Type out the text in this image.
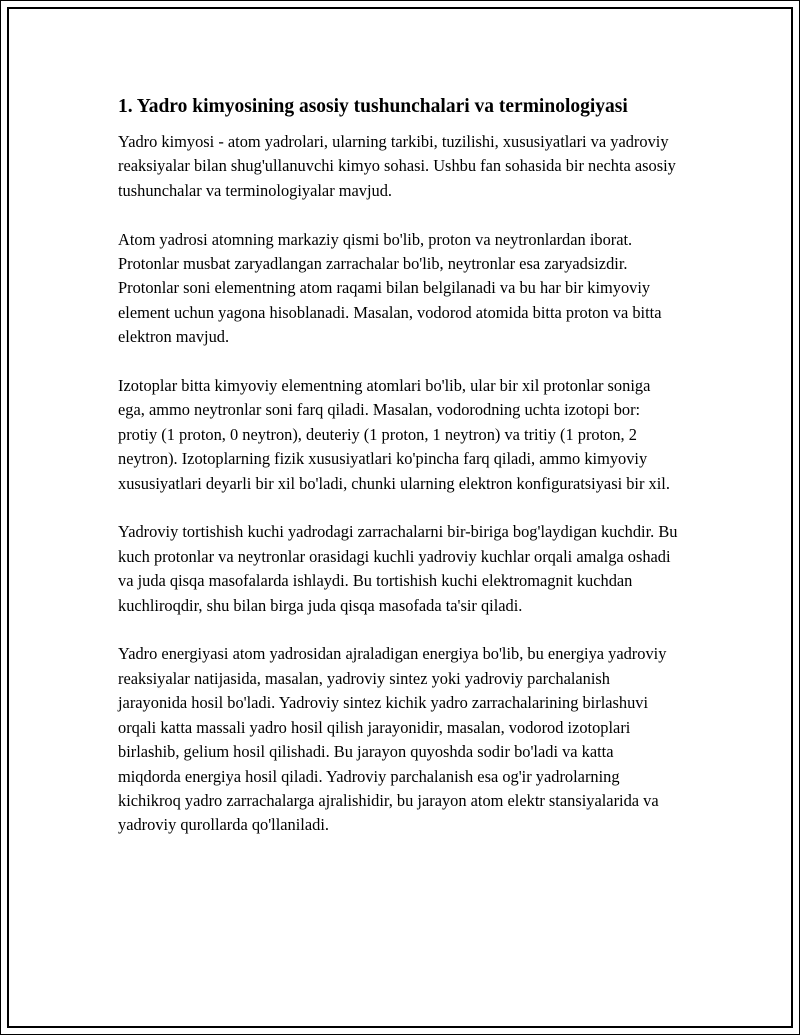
1. Yadro kimyosining asosiy tushunchalari va terminologiyasi

Yadro kimyosi - atom yadrolari, ularning tarkibi, tuzilishi, xususiyatlari va yadroviy reaksiyalar bilan shug'ullanuvchi kimyo sohasi. Ushbu fan sohasida bir nechta asosiy tushunchalar va terminologiyalar mavjud.

Atom yadrosi atomning markaziy qismi bo'lib, proton va neytronlardan iborat. Protonlar musbat zaryadlangan zarrachalar bo'lib, neytronlar esa zaryadsizdir. Protonlar soni elementning atom raqami bilan belgilanadi va bu har bir kimyoviy element uchun yagona hisoblanadi. Masalan, vodorod atomida bitta proton va bitta elektron mavjud.

Izotoplar bitta kimyoviy elementning atomlari bo'lib, ular bir xil protonlar soniga ega, ammo neytronlar soni farq qiladi. Masalan, vodorodning uchta izotopi bor: protiy (1 proton, 0 neytron), deuteriy (1 proton, 1 neytron) va tritiy (1 proton, 2 neytron). Izotoplarning fizik xususiyatlari ko'pincha farq qiladi, ammo kimyoviy xususiyatlari deyarli bir xil bo'ladi, chunki ularning elektron konfiguratsiyasi bir xil.

Yadroviy tortishish kuchi yadrodagi zarrachalarni bir-biriga bog'laydigan kuchdir. Bu kuch protonlar va neytronlar orasidagi kuchli yadroviy kuchlar orqali amalga oshadi va juda qisqa masofalarda ishlaydi. Bu tortishish kuchi elektromagnit kuchdan kuchliroqdir, shu bilan birga juda qisqa masofada ta'sir qiladi.

Yadro energiyasi atom yadrosidan ajraladigan energiya bo'lib, bu energiya yadroviy reaksiyalar natijasida, masalan, yadroviy sintez yoki yadroviy parchalanish jarayonida hosil bo'ladi. Yadroviy sintez kichik yadro zarrachalarining birlashuvi orqali katta massali yadro hosil qilish jarayonidir, masalan, vodorod izotoplari birlashib, gelium hosil qilishadi. Bu jarayon quyoshda sodir bo'ladi va katta miqdorda energiya hosil qiladi. Yadroviy parchalanish esa og'ir yadrolarning kichikroq yadro zarrachalarga ajralishidir, bu jarayon atom elektr stansiyalarida va yadroviy qurollarda qo'llaniladi.
